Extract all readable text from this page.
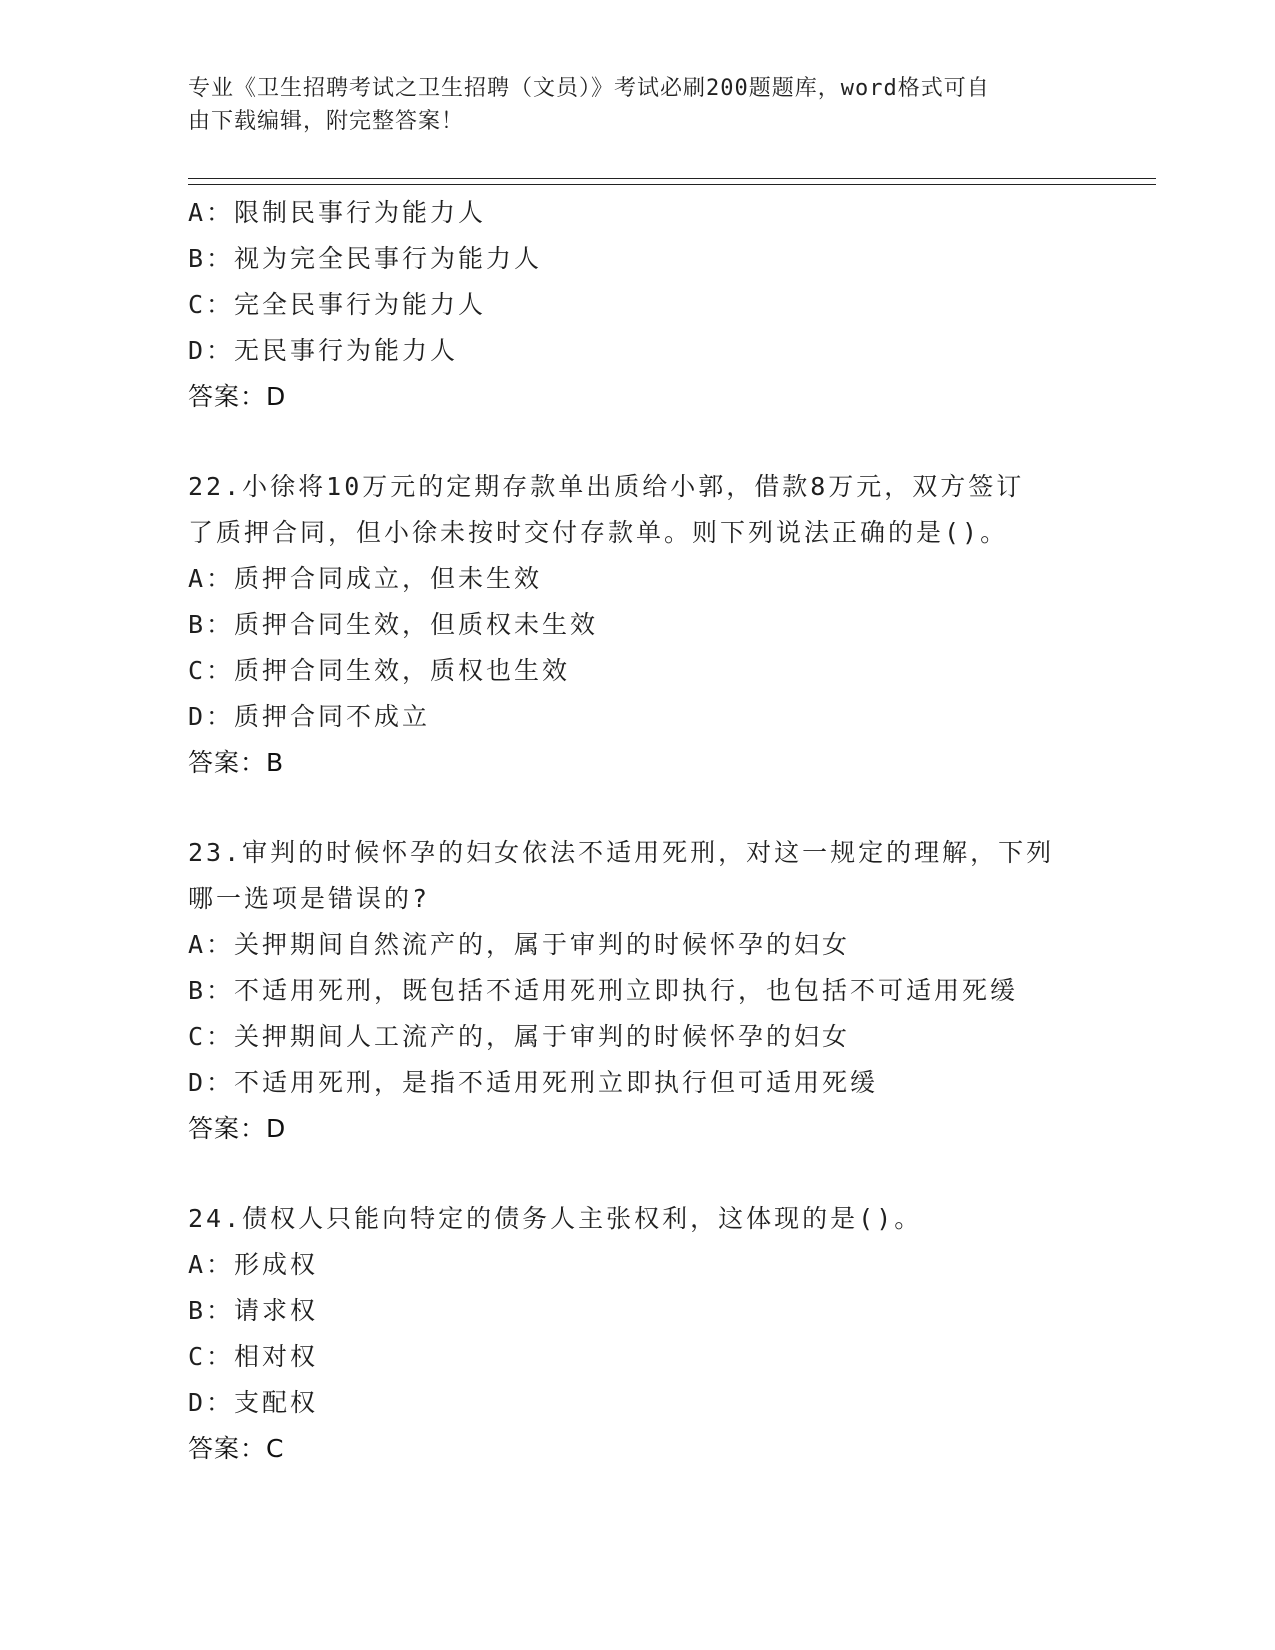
专业《卫生招聘考试之卫生招聘（文员）》考试必刷200题题库，word格式可自
由下载编辑，附完整答案！
A：限制民事行为能力人
B：视为完全民事行为能力人
C：完全民事行为能力人
D：无民事行为能力人
答案：D
22.小徐将10万元的定期存款单出质给小郭，借款8万元，双方签订
了质押合同，但小徐未按时交付存款单。则下列说法正确的是()。
A：质押合同成立，但未生效
B：质押合同生效，但质权未生效
C：质押合同生效，质权也生效
D：质押合同不成立
答案：B
23.审判的时候怀孕的妇女依法不适用死刑，对这一规定的理解，下列
哪一选项是错误的?
A：关押期间自然流产的，属于审判的时候怀孕的妇女
B：不适用死刑，既包括不适用死刑立即执行，也包括不可适用死缓
C：关押期间人工流产的，属于审判的时候怀孕的妇女
D：不适用死刑，是指不适用死刑立即执行但可适用死缓
答案：D
24.债权人只能向特定的债务人主张权利，这体现的是()。
A：形成权
B：请求权
C：相对权
D：支配权
答案：C
